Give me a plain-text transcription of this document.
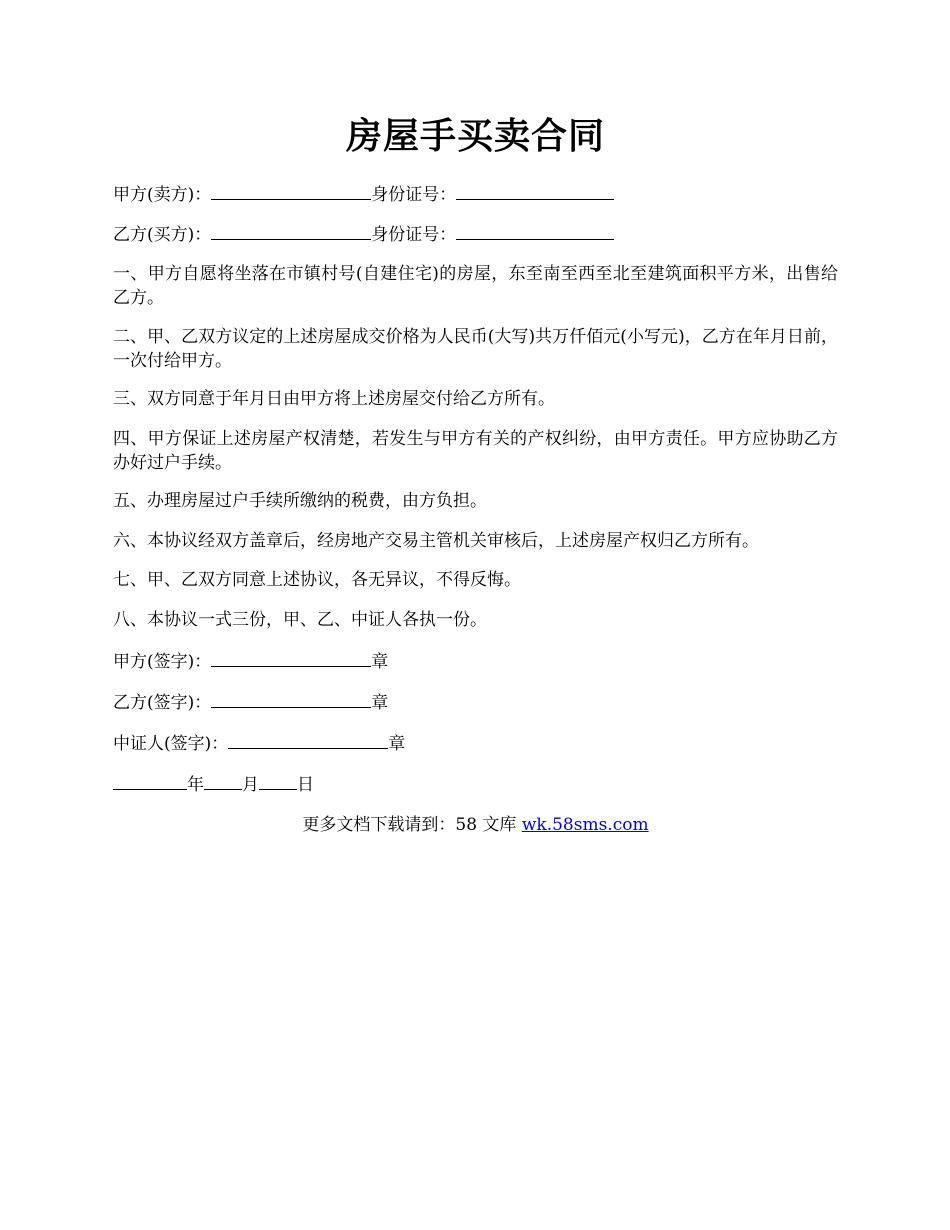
房屋手买卖合同
甲方(卖方)：	身份证号：
乙方(买方)：	身份证号：
一、甲方自愿将坐落在市镇村号(自建住宅)的房屋，东至南至西至北至建筑面积平方米，出售给乙方。
二、甲、乙双方议定的上述房屋成交价格为人民币(大写)共万仟佰元(小写元)，乙方在年月日前，一次付给甲方。
三、双方同意于年月日由甲方将上述房屋交付给乙方所有。
四、甲方保证上述房屋产权清楚，若发生与甲方有关的产权纠纷，由甲方责任。甲方应协助乙方办好过户手续。
五、办理房屋过户手续所缴纳的税费，由方负担。
六、本协议经双方盖章后，经房地产交易主管机关审核后，上述房屋产权归乙方所有。
七、甲、乙双方同意上述协议，各无异议，不得反悔。
八、本协议一式三份，甲、乙、中证人各执一份。
甲方(签字)：	章
乙方(签字)：	章
中证人(签字)：	章
年 月 日
更多文档下载请到：58 文库 wk.58sms.com
